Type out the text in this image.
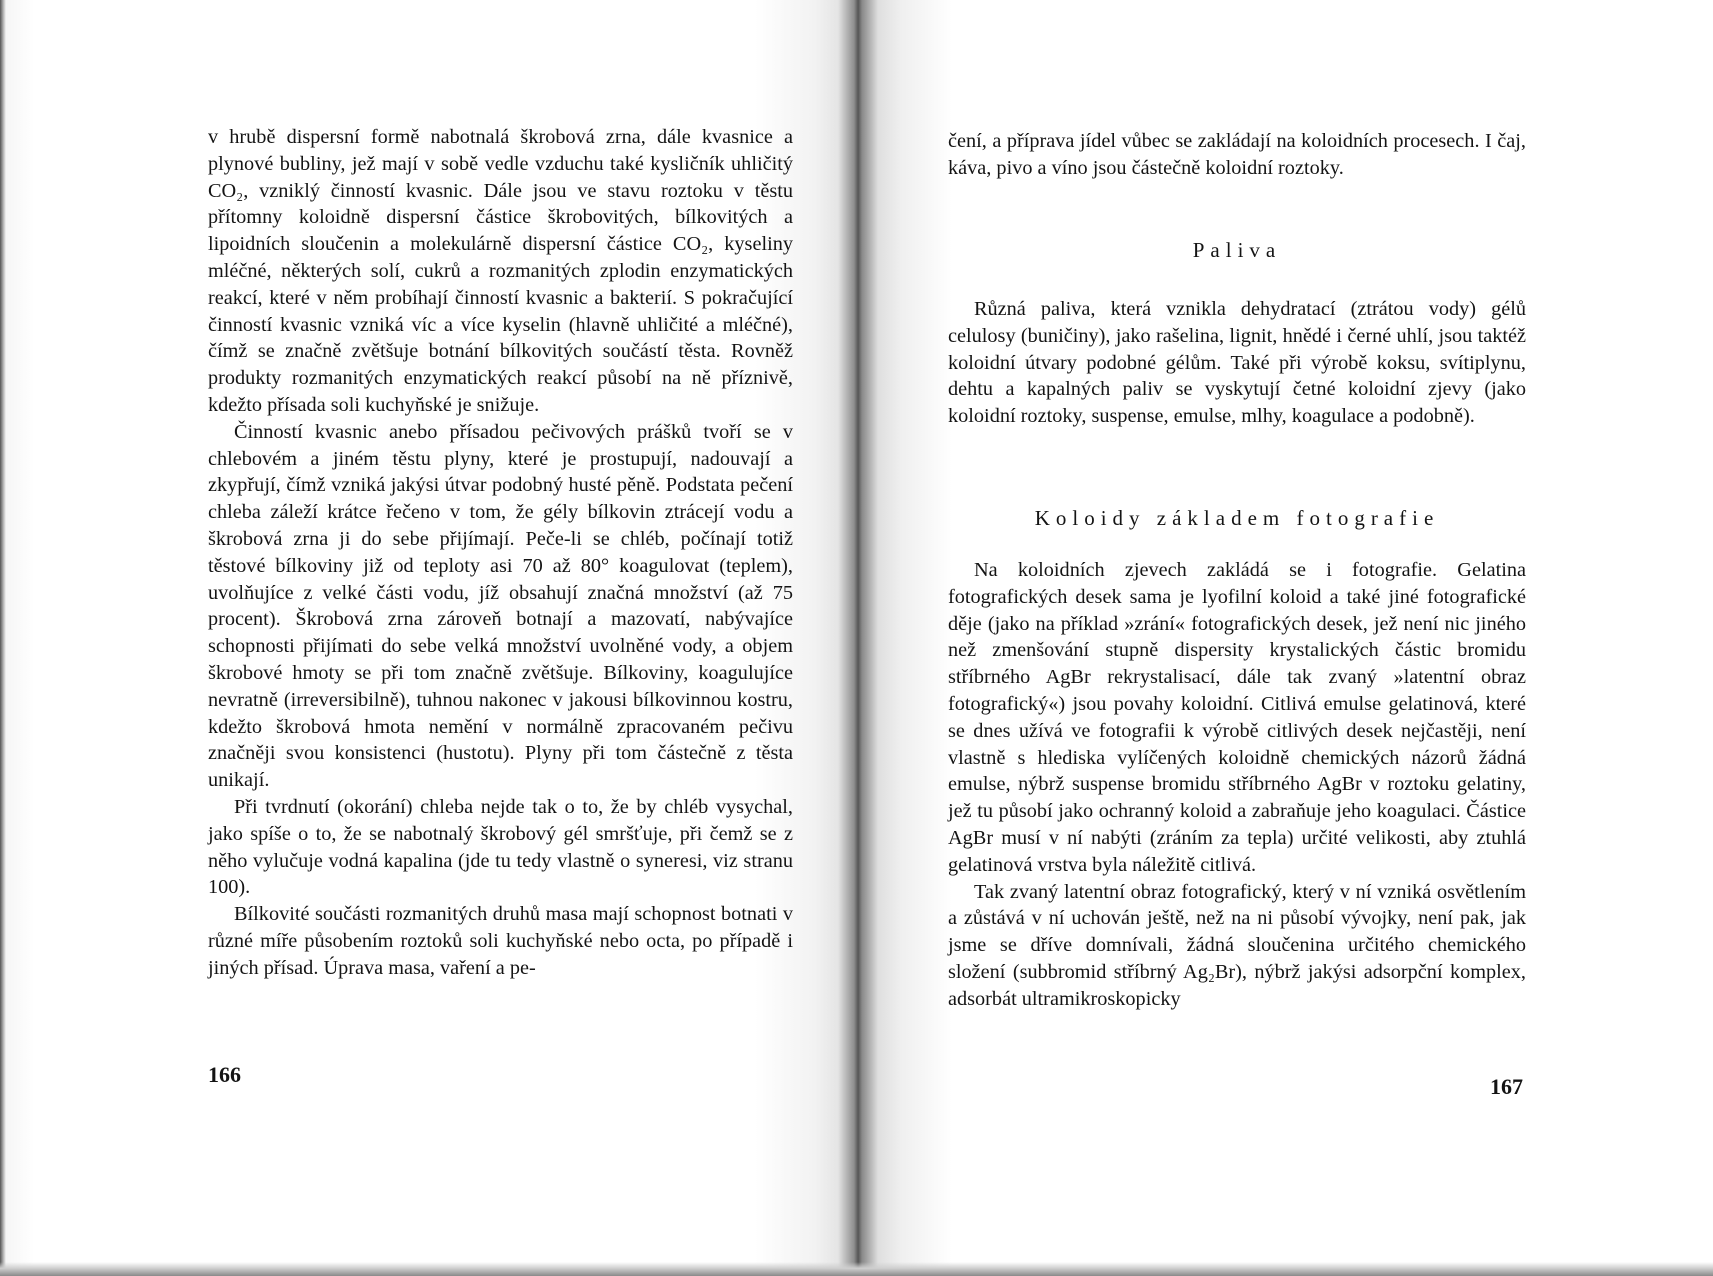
v hrubě dispersní formě nabotnalá škrobová zrna, dále kvasnice a plynové bubliny, jež mají v sobě vedle vzduchu také kysličník uhličitý CO₂, vzniklý činností kvasnic. Dále jsou ve stavu roztoku v těstu přítomny koloidně dispersní částice škrobovitých, bílkovitých a lipoidních sloučenin a molekulárně dispersní částice CO₂, kyseliny mléčné, některých solí, cukrů a rozmanitých zplodin enzymatických reakcí, které v něm probíhají činností kvasnic a bakterií. S pokračující činností kvasnic vzniká víc a více kyselin (hlavně uhličité a mléčné), čímž se značně zvětšuje botnání bílkovitých součástí těsta. Rovněž produkty rozmanitých enzymatických reakcí působí na ně příznivě, kdežto přísada soli kuchyňské je snižuje.

Činností kvasnic anebo přísadou pečivových prášků tvoří se v chlebovém a jiném těstu plyny, které je prostupují, nadouvají a zkypřují, čímž vzniká jakýsi útvar podobný husté pěně. Podstata pečení chleba záleží krátce řečeno v tom, že gély bílkovin ztrácejí vodu a škrobová zrna ji do sebe přijímají. Peče-li se chléb, počínají totiž těstové bílkoviny již od teploty asi 70 až 80° koagulovat (teplem), uvolňujíce z velké části vodu, jíž obsahují značná množství (až 75 procent). Škrobová zrna zároveň botnají a mazovatí, nabývajíce schopnosti přijímati do sebe velká množství uvolněné vody, a objem škrobové hmoty se při tom značně zvětšuje. Bílkoviny, koagulujíce nevratně (irreversibilně), tuhnou nakonec v jakousi bílkovinnou kostru, kdežto škrobová hmota nemění v normálně zpracovaném pečivu značněji svou konsistenci (hustotu). Plyny při tom částečně z těsta unikají.

Při tvrdnutí (okorání) chleba nejde tak o to, že by chléb vysychal, jako spíše o to, že se nabotnalý škrobový gél smršťuje, při čemž se z něho vylučuje vodná kapalina (jde tu tedy vlastně o syneresi, viz stranu 100).

Bílkovité součásti rozmanitých druhů masa mají schopnost botnati v různé míře působením roztoků soli kuchyňské nebo octa, po případě i jiných přísad. Úprava masa, vaření a pe-

166

čení, a příprava jídel vůbec se zakládají na koloidních procesech. I čaj, káva, pivo a víno jsou částečně koloidní roztoky.

Paliva

Různá paliva, která vznikla dehydratací (ztrátou vody) gélů celulosy (buničiny), jako rašelina, lignit, hnědé i černé uhlí, jsou taktéž koloidní útvary podobné gélům. Také při výrobě koksu, svítiplynu, dehtu a kapalných paliv se vyskytují četné koloidní zjevy (jako koloidní roztoky, suspense, emulse, mlhy, koagulace a podobně).

Koloidy základem fotografie

Na koloidních zjevech zakládá se i fotografie. Gelatina fotografických desek sama je lyofilní koloid a také jiné fotografické děje (jako na příklad »zrání« fotografických desek, jež není nic jiného než zmenšování stupně dispersity krystalických částic bromidu stříbrného AgBr rekrystalisací, dále tak zvaný »latentní obraz fotografický«) jsou povahy koloidní. Citlivá emulse gelatinová, které se dnes užívá ve fotografii k výrobě citlivých desek nejčastěji, není vlastně s hlediska vylíčených koloidně chemických názorů žádná emulse, nýbrž suspense bromidu stříbrného AgBr v roztoku gelatiny, jež tu působí jako ochranný koloid a zabraňuje jeho koagulaci. Částice AgBr musí v ní nabýti (zráním za tepla) určité velikosti, aby ztuhlá gelatinová vrstva byla náležitě citlivá.

Tak zvaný latentní obraz fotografický, který v ní vzniká osvětlením a zůstává v ní uchován ještě, než na ni působí vývojky, není pak, jak jsme se dříve domnívali, žádná sloučenina určitého chemického složení (subbromid stříbrný Ag₂Br), nýbrž jakýsi adsorpční komplex, adsorbát ultramikroskopicky

167
